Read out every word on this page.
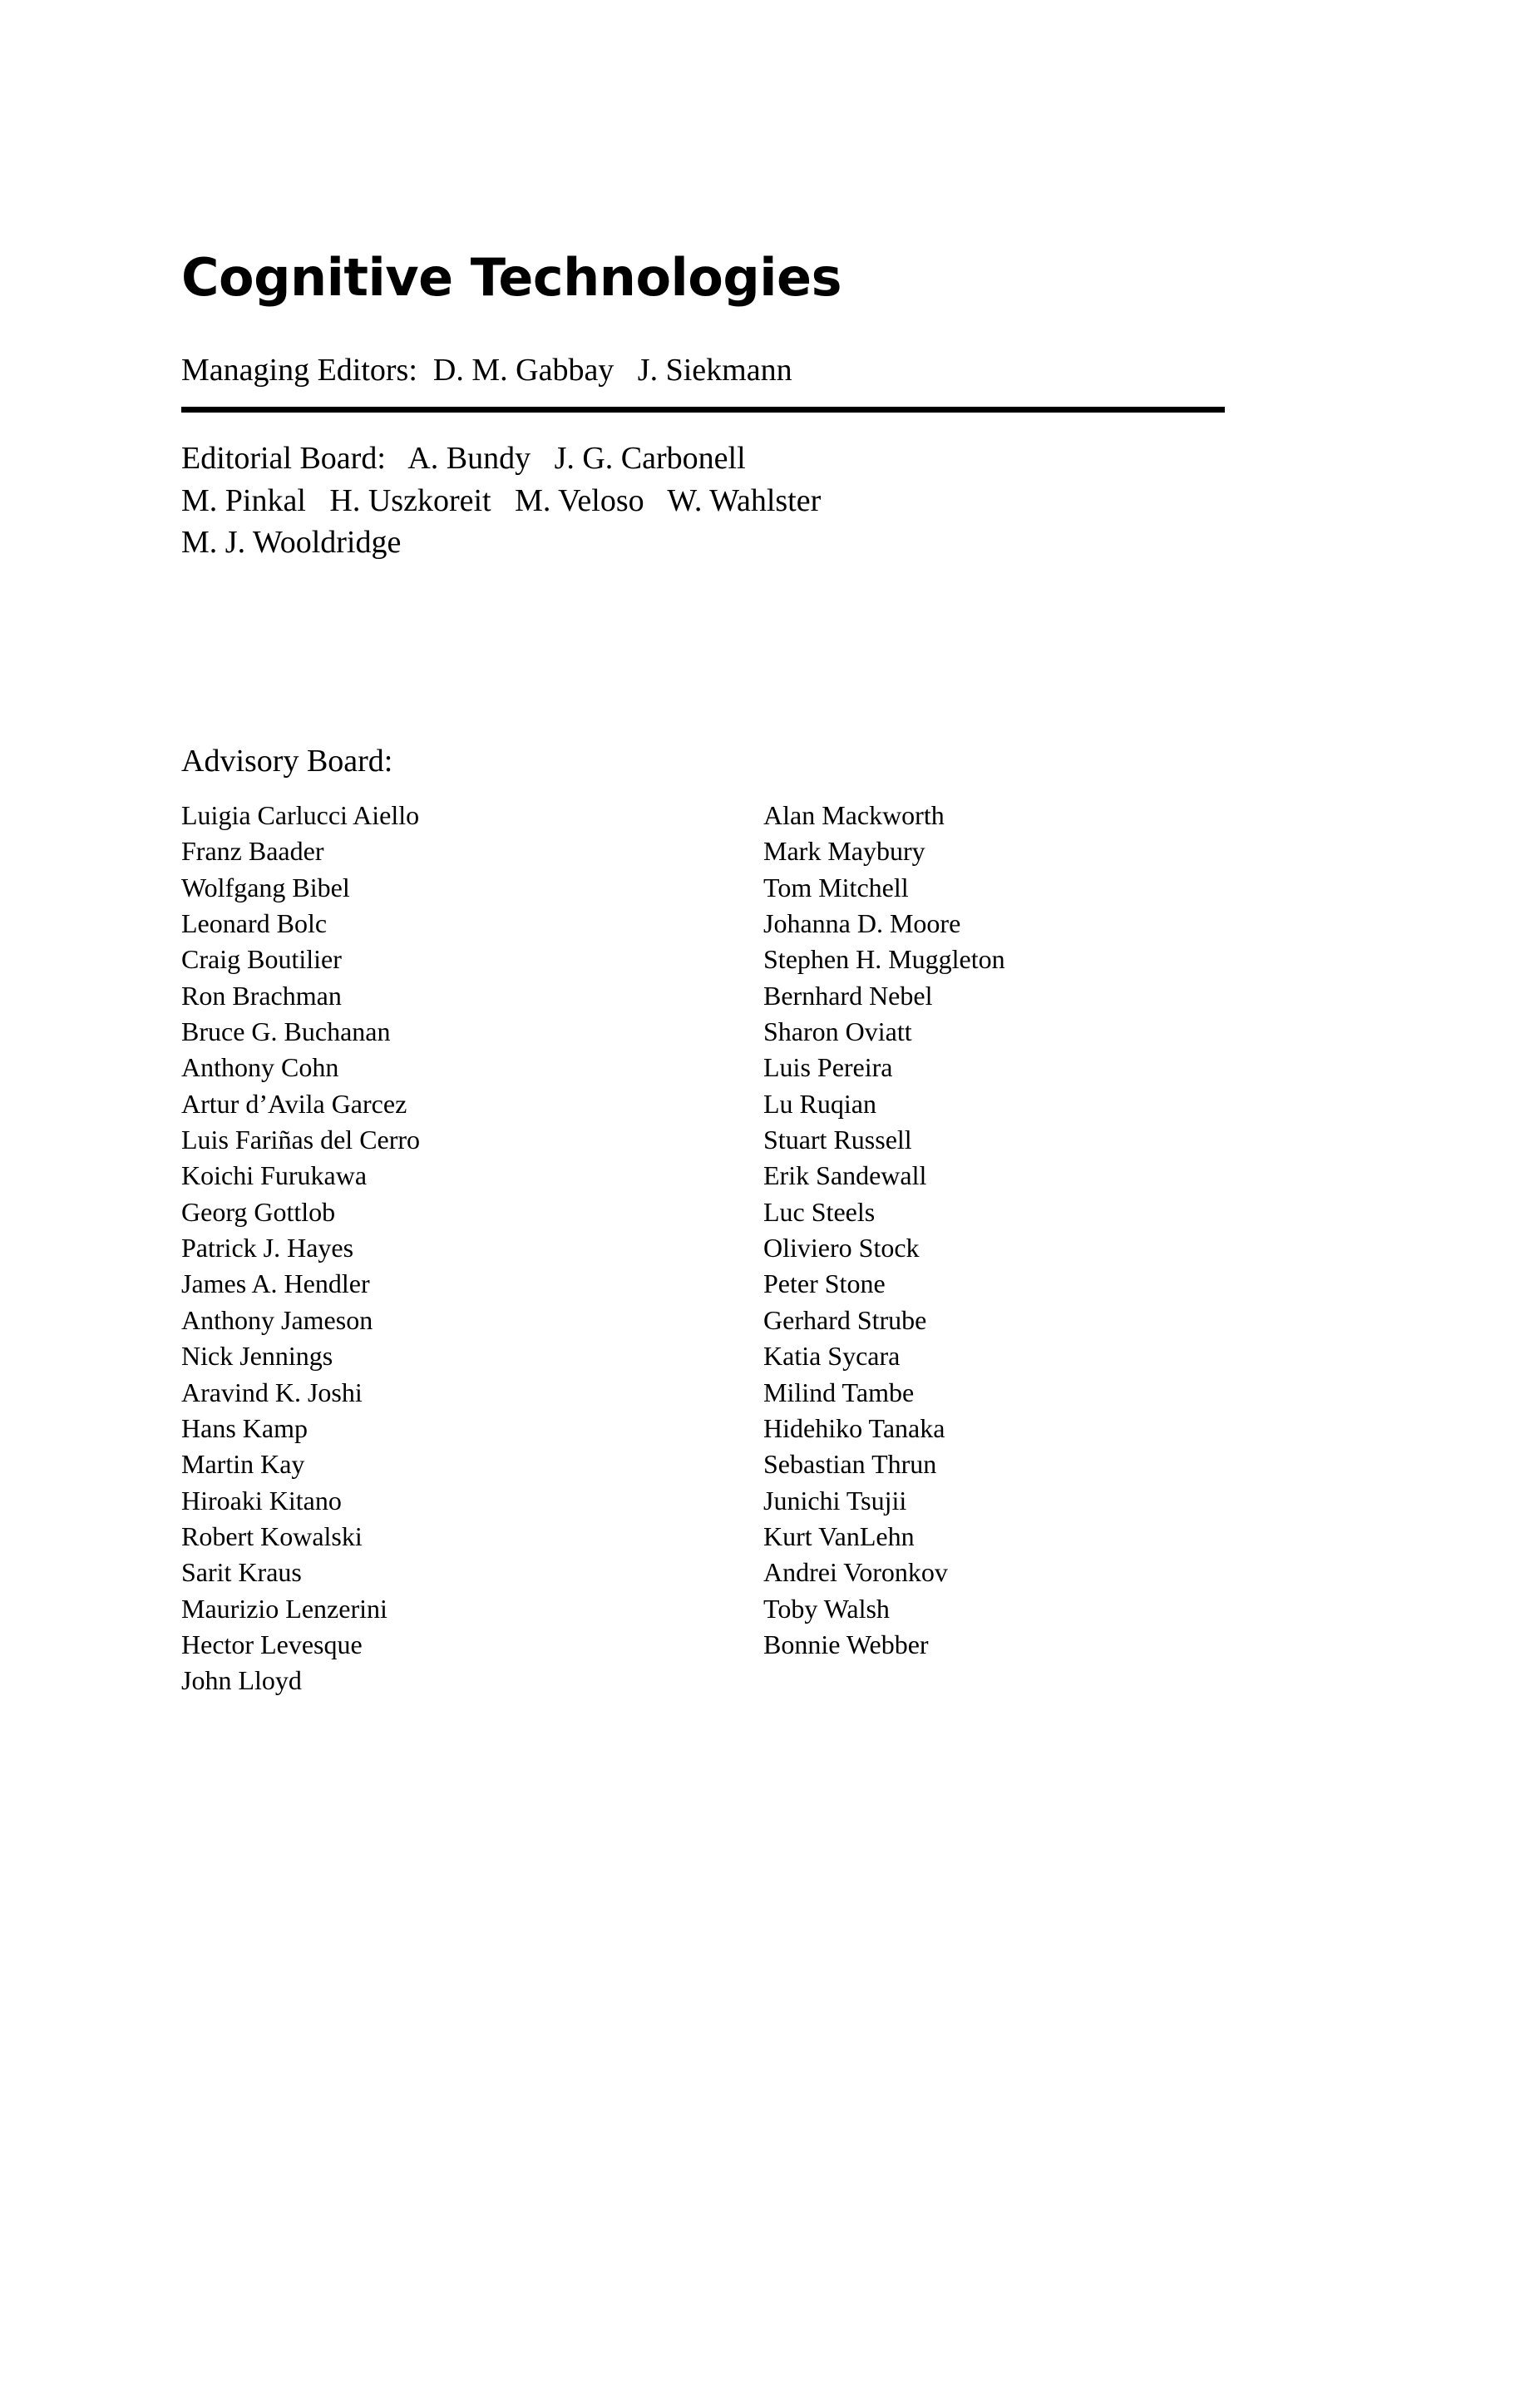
Cognitive Technologies
Managing Editors:  D. M. Gabbay   J. Siekmann
Editorial Board:   A. Bundy   J. G. Carbonell
M. Pinkal   H. Uszkoreit   M. Veloso   W. Wahlster
M. J. Wooldridge
Advisory Board:
Luigia Carlucci Aiello
Franz Baader
Wolfgang Bibel
Leonard Bolc
Craig Boutilier
Ron Brachman
Bruce G. Buchanan
Anthony Cohn
Artur d’Avila Garcez
Luis Fariñas del Cerro
Koichi Furukawa
Georg Gottlob
Patrick J. Hayes
James A. Hendler
Anthony Jameson
Nick Jennings
Aravind K. Joshi
Hans Kamp
Martin Kay
Hiroaki Kitano
Robert Kowalski
Sarit Kraus
Maurizio Lenzerini
Hector Levesque
John Lloyd
Alan Mackworth
Mark Maybury
Tom Mitchell
Johanna D. Moore
Stephen H. Muggleton
Bernhard Nebel
Sharon Oviatt
Luis Pereira
Lu Ruqian
Stuart Russell
Erik Sandewall
Luc Steels
Oliviero Stock
Peter Stone
Gerhard Strube
Katia Sycara
Milind Tambe
Hidehiko Tanaka
Sebastian Thrun
Junichi Tsujii
Kurt VanLehn
Andrei Voronkov
Toby Walsh
Bonnie Webber
